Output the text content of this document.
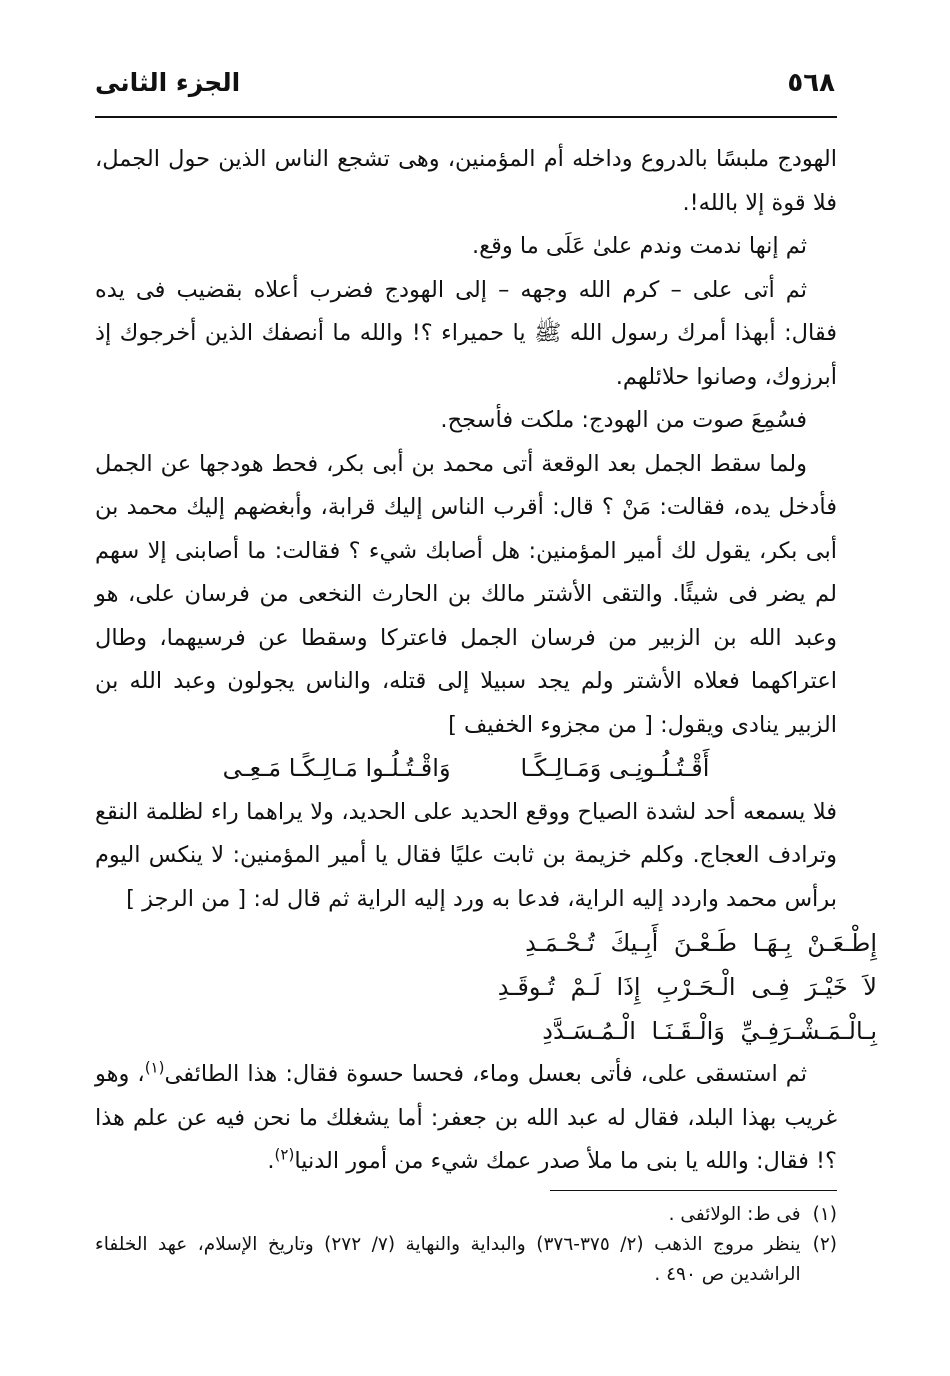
٥٦٨
الجزء الثانى

الهودج ملبسًا بالدروع وداخله أم المؤمنين، وهى تشجع الناس الذين حول الجمل، فلا قوة إلا بالله!.

ثم إنها ندمت وندم علىٰ عَلَى ما وقع.

ثم أتى على – كرم الله وجهه – إلى الهودج فضرب أعلاه بقضيب فى يده فقال: أبهذا أمرك رسول الله ﷺ يا حميراء ؟! والله ما أنصفك الذين أخرجوك إذ أبرزوك، وصانوا حلائلهم.

فسُمِعَ صوت من الهودج: ملكت فأسجح.

ولما سقط الجمل بعد الوقعة أتى محمد بن أبى بكر، فحط هودجها عن الجمل فأدخل يده، فقالت: مَنْ ؟ قال: أقرب الناس إليك قرابة، وأبغضهم إليك محمد بن أبى بكر، يقول لك أمير المؤمنين: هل أصابك شيء ؟ فقالت: ما أصابنى إلا سهم لم يضر فى شيئًا. والتقى الأشتر مالك بن الحارث النخعى من فرسان على، هو وعبد الله بن الزبير من فرسان الجمل فاعتركا وسقطا عن فرسيهما، وطال اعتراكهما فعلاه الأشتر ولم يجد سبيلا إلى قتله، والناس يجولون وعبد الله بن الزبير ينادى ويقول: [ من مجزوء الخفيف ]

أَقْـتُـلُـونِـى وَمَـالِـكًـا
وَاقْـتُـلُـوا مَـالِـكًـا مَـعِـى

فلا يسمعه أحد لشدة الصياح ووقع الحديد على الحديد، ولا يراهما راء لظلمة النقع وترادف العجاج. وكلم خزيمة بن ثابت عليًا فقال يا أمير المؤمنين: لا ينكس اليوم برأس محمد واردد إليه الراية، فدعا به ورد إليه الراية ثم قال له: [ من الرجز ]

إِطْـعَـنْ بِـهَـا طَـعْـنَ أَبِـيكَ تُـحْـمَـدِ

لاَ خَيْـرَ فِـى الْـحَـرْبِ إِذَا لَـمْ تُـوقَـدِ

بِـالْـمَـشْـرَفِـيِّ وَالْـقَـنَـا الْـمُـسَـدَّدِ

ثم استسقى على، فأتى بعسل وماء، فحسا حسوة فقال: هذا الطائفى$^{(١)}$، وهو غريب بهذا البلد، فقال له عبد الله بن جعفر: أما يشغلك ما نحن فيه عن علم هذا ؟! فقال: والله يا بنى ما ملأ صدر عمك شيء من أمور الدنيا$^{(٢)}$.

(١)
فى ط: الولائفى .
(٢)
ينظر مروج الذهب (٢/ ٣٧٥-٣٧٦) والبداية والنهاية (٧/ ٢٧٢) وتاريخ الإسلام، عهد الخلفاء الراشدين ص ٤٩٠ .
